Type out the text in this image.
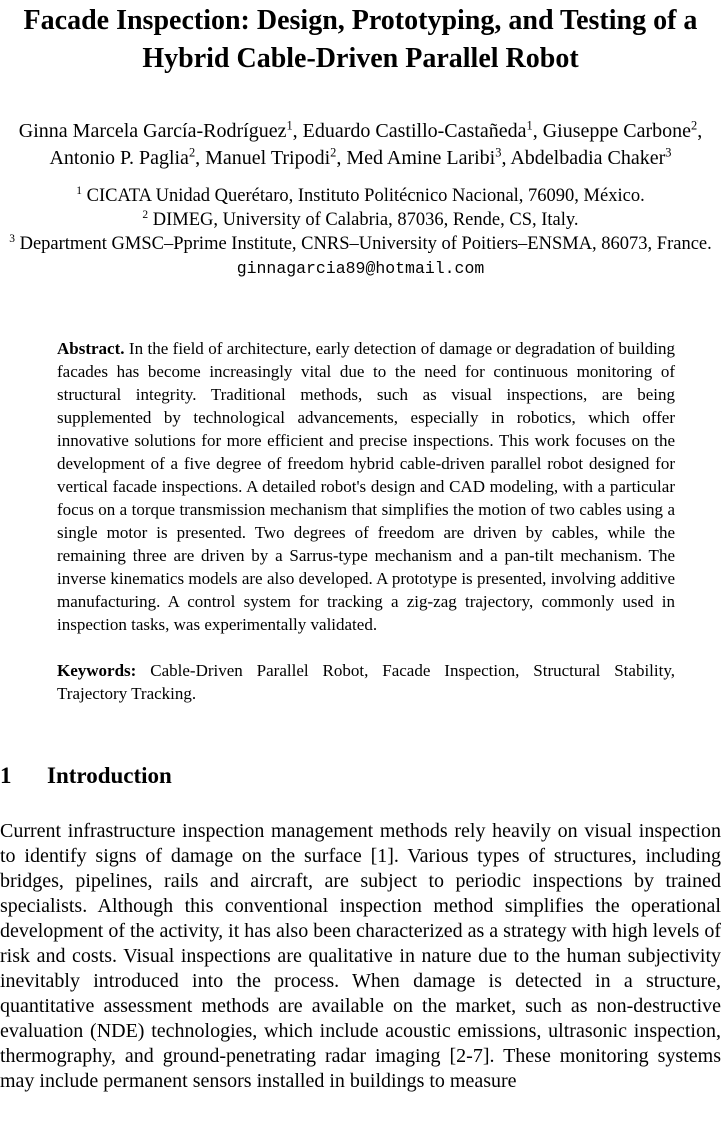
Facade Inspection: Design, Prototyping, and Testing of a
Hybrid Cable-Driven Parallel Robot
Ginna Marcela García-Rodríguez$^1$, Eduardo Castillo-Castañeda$^1$, Giuseppe Carbone$^2$,
Antonio P. Paglia$^2$, Manuel Tripodi$^2$, Med Amine Laribi$^3$, Abdelbadia Chaker$^3$
$^1$ CICATA Unidad Querétaro, Instituto Politécnico Nacional, 76090, México.
$^2$ DIMEG, University of Calabria, 87036, Rende, CS, Italy.
$^3$ Department GMSC–Pprime Institute, CNRS–University of Poitiers–ENSMA, 86073, France.
ginnagarcia89@hotmail.com

Abstract. In the field of architecture, early detection of damage or degradation of building facades has become increasingly vital due to the need for continuous monitoring of structural integrity. Traditional methods, such as visual inspections, are being supplemented by technological advancements, especially in robotics, which offer innovative solutions for more efficient and precise inspections. This work focuses on the development of a five degree of freedom hybrid cable-driven parallel robot designed for vertical facade inspections. A detailed robot's design and CAD modeling, with a particular focus on a torque transmission mechanism that simplifies the motion of two cables using a single motor is presented. Two degrees of freedom are driven by cables, while the remaining three are driven by a Sarrus-type mechanism and a pan-tilt mechanism. The inverse kinematics models are also developed. A prototype is presented, involving additive manufacturing. A control system for tracking a zig-zag trajectory, commonly used in inspection tasks, was experimentally validated.

Keywords: Cable-Driven Parallel Robot, Facade Inspection, Structural Stability, Trajectory Tracking.

1 Introduction

Current infrastructure inspection management methods rely heavily on visual inspection to identify signs of damage on the surface [1]. Various types of structures, including bridges, pipelines, rails and aircraft, are subject to periodic inspections by trained specialists. Although this conventional inspection method simplifies the operational development of the activity, it has also been characterized as a strategy with high levels of risk and costs. Visual inspections are qualitative in nature due to the human subjectivity inevitably introduced into the process. When damage is detected in a structure, quantitative assessment methods are available on the market, such as non-destructive evaluation (NDE) technologies, which include acoustic emissions, ultrasonic inspection, thermography, and ground-penetrating radar imaging [2-7]. These monitoring systems may include permanent sensors installed in buildings to measure
